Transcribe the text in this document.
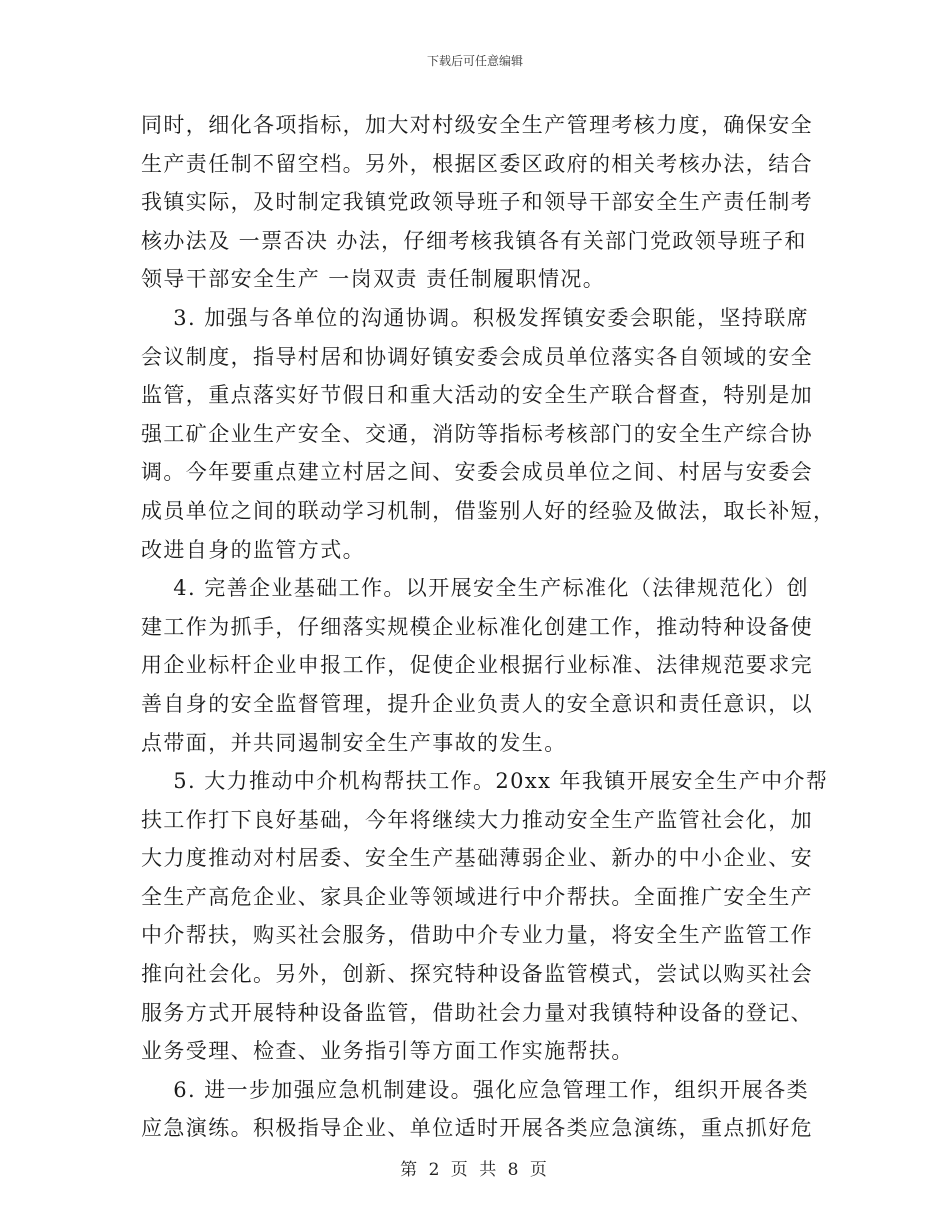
下载后可任意编辑

同时，细化各项指标，加大对村级安全生产管理考核力度，确保安全

生产责任制不留空档。另外，根据区委区政府的相关考核办法，结合

我镇实际，及时制定我镇党政领导班子和领导干部安全生产责任制考

核办法及 一票否决 办法，仔细考核我镇各有关部门党政领导班子和

领导干部安全生产 一岗双责 责任制履职情况。

3. 加强与各单位的沟通协调。积极发挥镇安委会职能，坚持联席

会议制度，指导村居和协调好镇安委会成员单位落实各自领域的安全

监管，重点落实好节假日和重大活动的安全生产联合督查，特别是加

强工矿企业生产安全、交通，消防等指标考核部门的安全生产综合协

调。今年要重点建立村居之间、安委会成员单位之间、村居与安委会

成员单位之间的联动学习机制，借鉴别人好的经验及做法，取长补短，

改进自身的监管方式。

4. 完善企业基础工作。以开展安全生产标准化（法律规范化）创

建工作为抓手，仔细落实规模企业标准化创建工作，推动特种设备使

用企业标杆企业申报工作，促使企业根据行业标准、法律规范要求完

善自身的安全监督管理，提升企业负责人的安全意识和责任意识，以

点带面，并共同遏制安全生产事故的发生。

5. 大力推动中介机构帮扶工作。20xx 年我镇开展安全生产中介帮

扶工作打下良好基础，今年将继续大力推动安全生产监管社会化，加

大力度推动对村居委、安全生产基础薄弱企业、新办的中小企业、安

全生产高危企业、家具企业等领域进行中介帮扶。全面推广安全生产

中介帮扶，购买社会服务，借助中介专业力量，将安全生产监管工作

推向社会化。另外，创新、探究特种设备监管模式，尝试以购买社会

服务方式开展特种设备监管，借助社会力量对我镇特种设备的登记、

业务受理、检查、业务指引等方面工作实施帮扶。

6. 进一步加强应急机制建设。强化应急管理工作，组织开展各类

应急演练。积极指导企业、单位适时开展各类应急演练，重点抓好危

第 2 页 共 8 页
